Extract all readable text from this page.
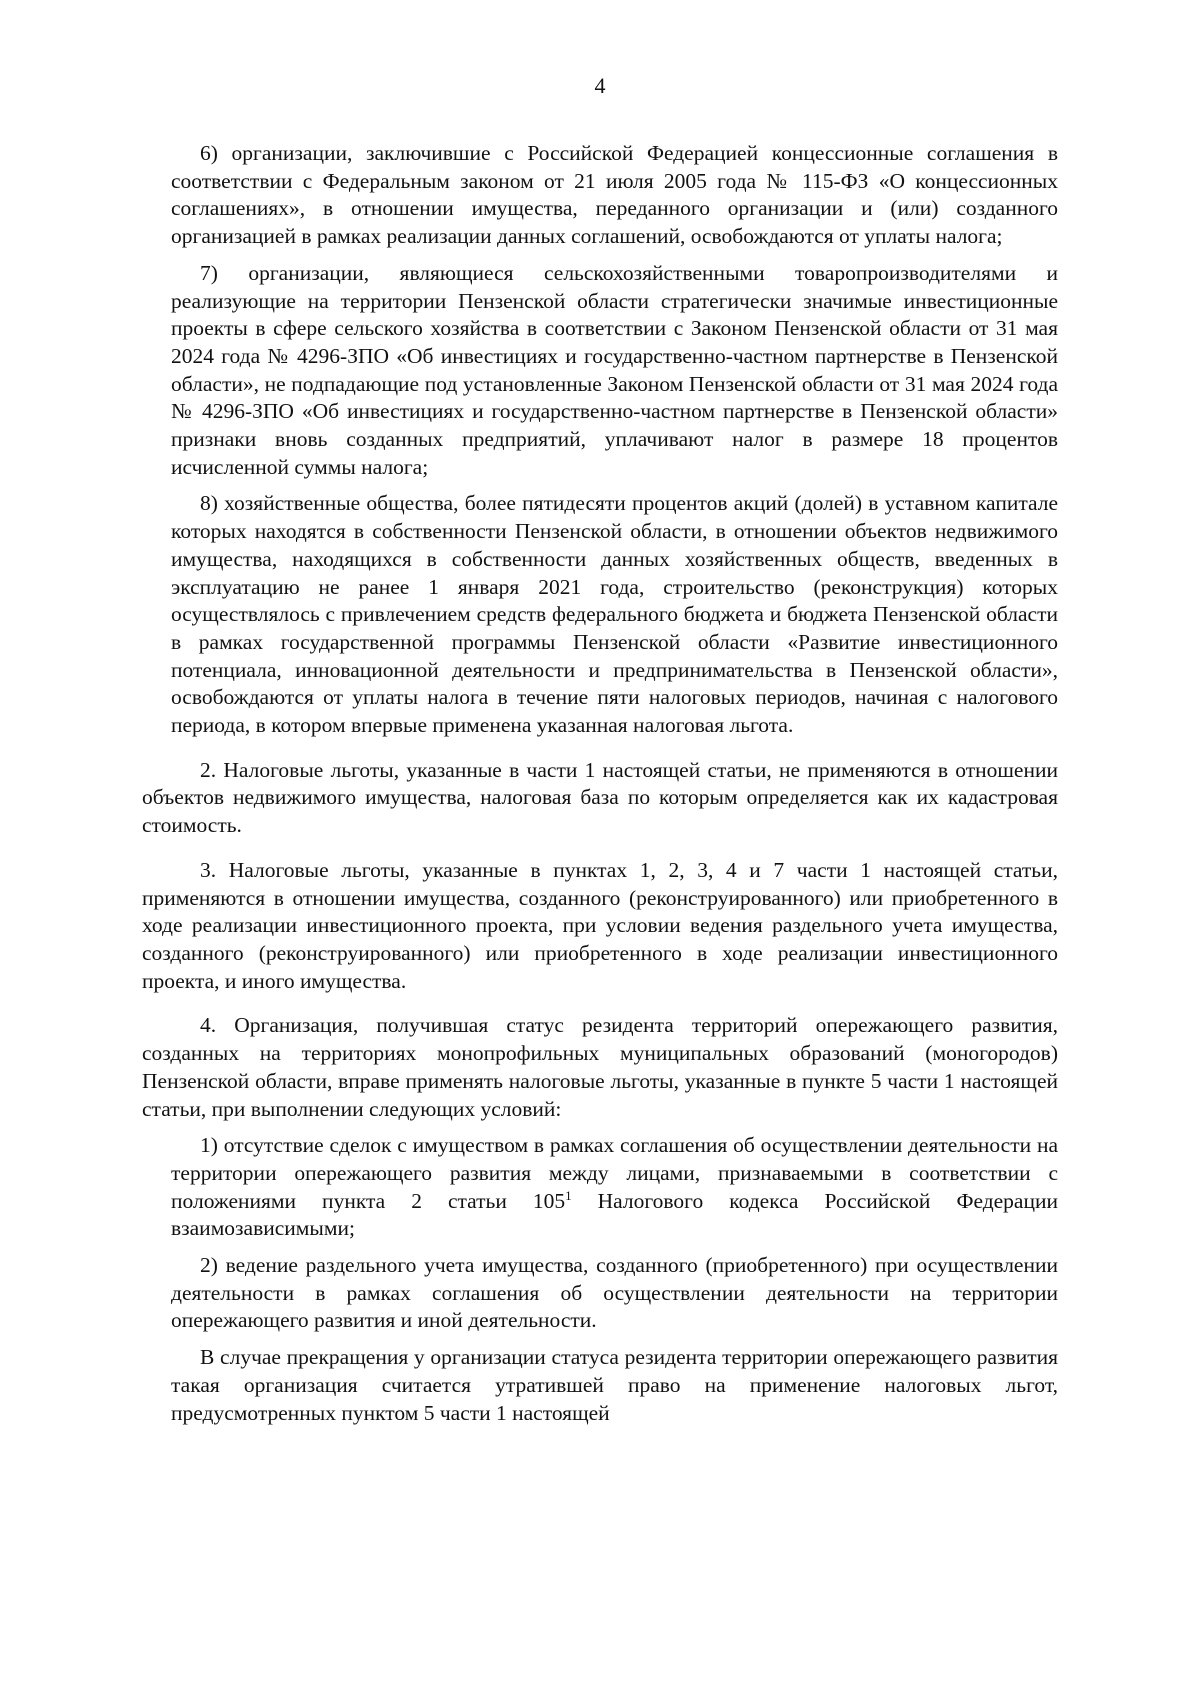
4

6) организации, заключившие с Российской Федерацией концессионные соглашения в соответствии с Федеральным законом от 21 июля 2005 года № 115-ФЗ «О концессионных соглашениях», в отношении имущества, переданного организации и (или) созданного организацией в рамках реализации данных соглашений, освобождаются от уплаты налога;

7) организации, являющиеся сельскохозяйственными товаропроизводителями и реализующие на территории Пензенской области стратегически значимые инвестиционные проекты в сфере сельского хозяйства в соответствии с Законом Пензенской области от 31 мая 2024 года № 4296-ЗПО «Об инвестициях и государственно-частном партнерстве в Пензенской области», не подпадающие под установленные Законом Пензенской области от 31 мая 2024 года № 4296-ЗПО «Об инвестициях и государственно-частном партнерстве в Пензенской области» признаки вновь созданных предприятий, уплачивают налог в размере 18 процентов исчисленной суммы налога;

8) хозяйственные общества, более пятидесяти процентов акций (долей) в уставном капитале которых находятся в собственности Пензенской области, в отношении объектов недвижимого имущества, находящихся в собственности данных хозяйственных обществ, введенных в эксплуатацию не ранее 1 января 2021 года, строительство (реконструкция) которых осуществлялось с привлечением средств федерального бюджета и бюджета Пензенской области в рамках государственной программы Пензенской области «Развитие инвестиционного потенциала, инновационной деятельности и предпринимательства в Пензенской области», освобождаются от уплаты налога в течение пяти налоговых периодов, начиная с налогового периода, в котором впервые применена указанная налоговая льгота.

2. Налоговые льготы, указанные в части 1 настоящей статьи, не применяются в отношении объектов недвижимого имущества, налоговая база по которым определяется как их кадастровая стоимость.

3. Налоговые льготы, указанные в пунктах 1, 2, 3, 4 и 7 части 1 настоящей статьи, применяются в отношении имущества, созданного (реконструированного) или приобретенного в ходе реализации инвестиционного проекта, при условии ведения раздельного учета имущества, созданного (реконструированного) или приобретенного в ходе реализации инвестиционного проекта, и иного имущества.

4. Организация, получившая статус резидента территорий опережающего развития, созданных на территориях монопрофильных муниципальных образований (моногородов) Пензенской области, вправе применять налоговые льготы, указанные в пункте 5 части 1 настоящей статьи, при выполнении следующих условий:

1) отсутствие сделок с имуществом в рамках соглашения об осуществлении деятельности на территории опережающего развития между лицами, признаваемыми в соответствии с положениями пункта 2 статьи $105^1$ Налогового кодекса Российской Федерации взаимозависимыми;

2) ведение раздельного учета имущества, созданного (приобретенного) при осуществлении деятельности в рамках соглашения об осуществлении деятельности на территории опережающего развития и иной деятельности.

В случае прекращения у организации статуса резидента территории опережающего развития такая организация считается утратившей право на применение налоговых льгот, предусмотренных пунктом 5 части 1 настоящей
